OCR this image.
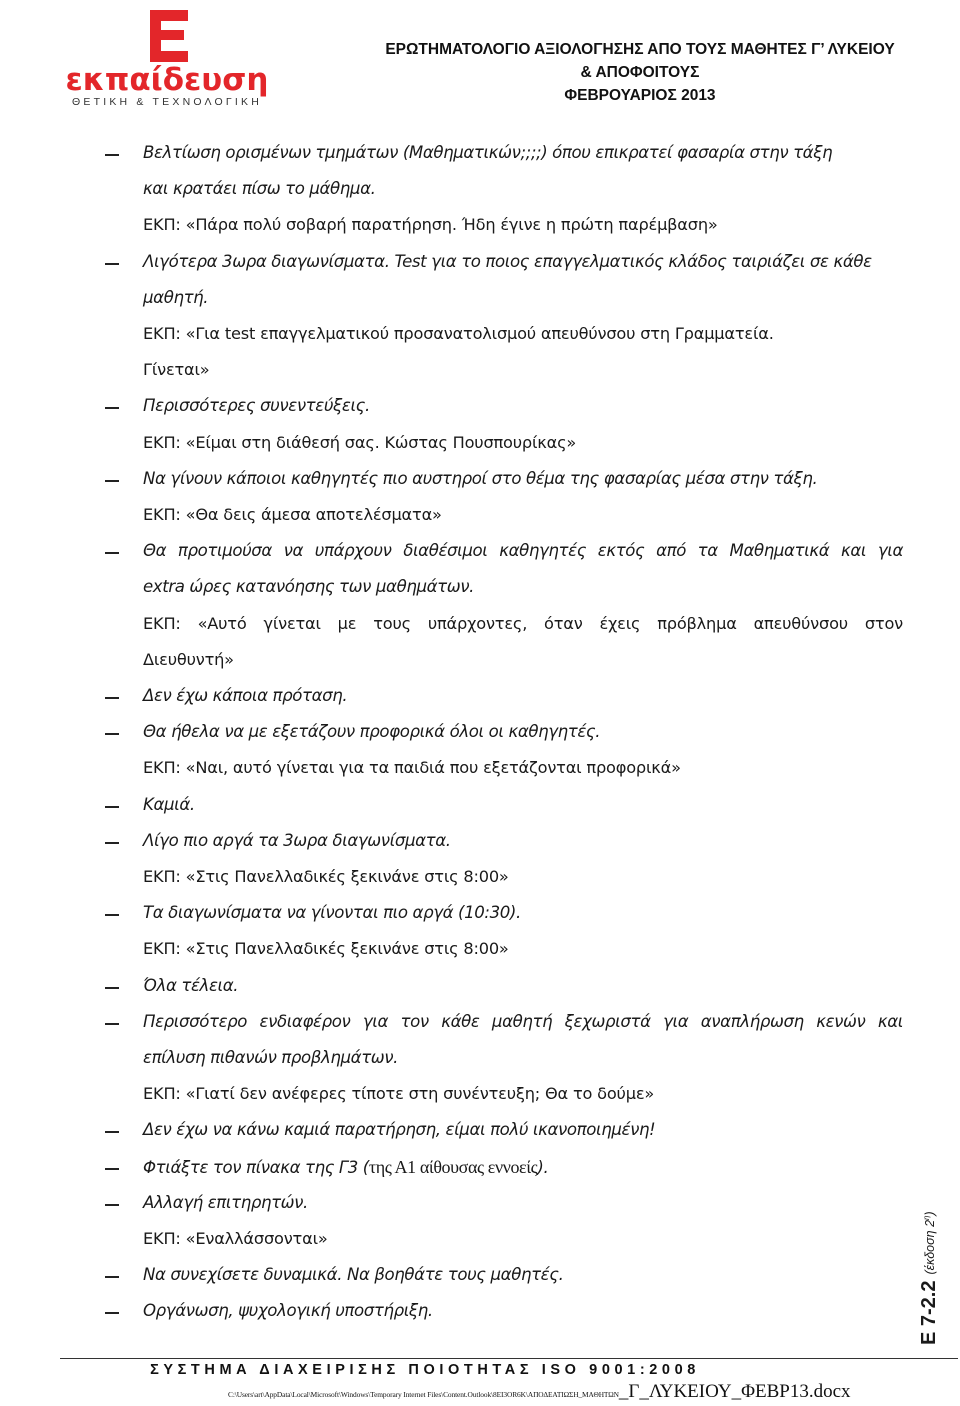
εκπαίδευση
ΘΕΤΙΚΗ & ΤΕΧΝΟΛΟΓΙΚΗ
ΕΡΩΤΗΜΑΤΟΛΟΓΙΟ ΑΞΙΟΛΟΓΗΣΗΣ ΑΠΟ ΤΟΥΣ ΜΑΘΗΤΕΣ Γ’ ΛΥΚΕΙΟΥ
& ΑΠΟΦΟΙΤΟΥΣ
ΦΕΒΡΟΥΑΡΙΟΣ 2013
Βελτίωση ορισμένων τμημάτων (Μαθηματικών;;;;) όπου επικρατεί φασαρία στην τάξη
και κρατάει πίσω το μάθημα.
ΕΚΠ: «Πάρα πολύ σοβαρή παρατήρηση. Ήδη έγινε η πρώτη παρέμβαση»
Λιγότερα 3ωρα διαγωνίσματα. Test για το ποιος επαγγελματικός κλάδος ταιριάζει σε κάθε
μαθητή.
ΕΚΠ: «Για test επαγγελματικού προσανατολισμού απευθύνσου στη Γραμματεία.
Γίνεται»
Περισσότερες συνεντεύξεις.
ΕΚΠ: «Είμαι στη διάθεσή σας. Κώστας Πουσπουρίκας»
Να γίνουν κάποιοι καθηγητές πιο αυστηροί στο θέμα της φασαρίας μέσα στην τάξη.
ΕΚΠ: «Θα δεις άμεσα αποτελέσματα»
Θα προτιμούσα να υπάρχουν διαθέσιμοι καθηγητές εκτός από τα Μαθηματικά και για
extra ώρες κατανόησης των μαθημάτων.
ΕΚΠ: «Αυτό γίνεται με τους υπάρχοντες, όταν έχεις πρόβλημα απευθύνσου στον
Διευθυντή»
Δεν έχω κάποια πρόταση.
Θα ήθελα να με εξετάζουν προφορικά όλοι οι καθηγητές.
ΕΚΠ: «Ναι, αυτό γίνεται για τα παιδιά που εξετάζονται προφορικά»
Καμιά.
Λίγο πιο αργά τα 3ωρα διαγωνίσματα.
ΕΚΠ: «Στις Πανελλαδικές ξεκινάνε στις 8:00»
Τα διαγωνίσματα να γίνονται πιο αργά (10:30).
ΕΚΠ: «Στις Πανελλαδικές ξεκινάνε στις 8:00»
Όλα τέλεια.
Περισσότερο ενδιαφέρον για τον κάθε μαθητή ξεχωριστά για αναπλήρωση κενών και
επίλυση πιθανών προβλημάτων.
ΕΚΠ: «Γιατί δεν ανέφερες τίποτε στη συνέντευξη; Θα το δούμε»
Δεν έχω να κάνω καμιά παρατήρηση, είμαι πολύ ικανοποιημένη!
Φτιάξτε τον πίνακα της Γ3 (της Α1 αίθουσας εννοείς).
Αλλαγή επιτηρητών.
ΕΚΠ: «Εναλλάσσονται»
Να συνεχίσετε δυναμικά. Να βοηθάτε τους μαθητές.
Οργάνωση, ψυχολογική υποστήριξη.	Ε 7-2.2(έκδοση $2^\eta$)
ΣΥΣΤΗΜΑ ΔΙΑΧΕΙΡΙΣΗΣ ΠΟΙΟΤΗΤΑΣ ISO 9001:2008
C:\Users\art\AppData\Local\Microsoft\Windows\Temporary Internet Files\Content.Outlook\8EI3OR6K\ΑΠΟΔΕΑΤΙΩΣΗ_ΜΑΘΗΤΩΝ_Γ_ΛΥΚΕΙΟΥ_ΦΕΒΡ13.docx
